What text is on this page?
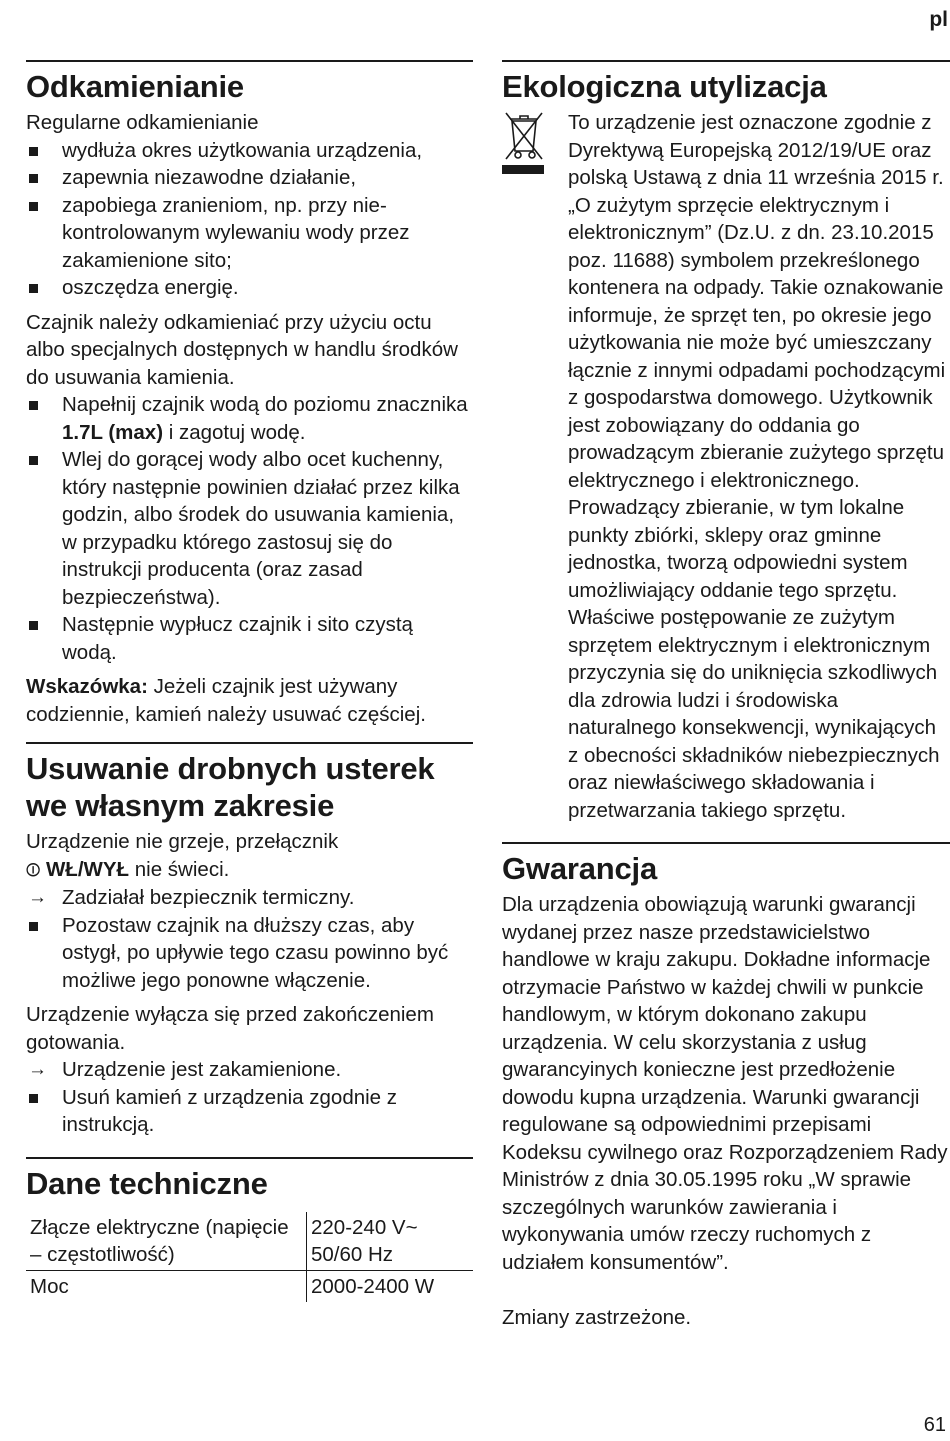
pl
Odkamienianie

Regularne odkamienianie

wydłuża okres użytkowania urządzenia,
zapewnia niezawodne działanie,
zapobiega zranieniom, np. przy nie-kontrolowanym wylewaniu wody przez zakamienione sito;
oszczędza energię.

Czajnik należy odkamieniać przy użyciu octu albo specjalnych dostępnych w handlu środków do usuwania kamienia.

Napełnij czajnik wodą do poziomu znacznika 1.7L (max) i zagotuj wodę.
Wlej do gorącej wody albo ocet kuchenny, który następnie powinien działać przez kilka godzin, albo środek do usuwania kamienia, w przypadku którego zastosuj się do instrukcji producenta (oraz zasad bezpieczeństwa).
Następnie wypłucz czajnik i sito czystą wodą.

Wskazówka: Jeżeli czajnik jest używany codziennie, kamień należy usuwać częściej.

Usuwanie drobnych usterek we własnym zakresie

Urządzenie nie grzeje, przełącznik
⏼ WŁ/WYŁ nie świeci.

→ Zadziałał bezpiecznik termiczny.
Pozostaw czajnik na dłuższy czas, aby ostygł, po upływie tego czasu powinno być możliwe jego ponowne włączenie.

Urządzenie wyłącza się przed zakończeniem gotowania.

→ Urządzenie jest zakamienione.
Usuń kamień z urządzenia zgodnie z instrukcją.
Dane techniczne
Złącze elektryczne (napięcie – częstotliwość)	220-240 V~ 50/60 Hz
Moc	2000-2400 W
Ekologiczna utylizacja

To urządzenie jest oznaczone zgodnie z Dyrektywą Europejską 2012/19/UE oraz polską Ustawą z dnia 11 września 2015 r. „O zużytym sprzęcie elektrycznym i elektronicznym” (Dz.U. z dn. 23.10.2015 poz. 11688) symbolem przekreślonego kontenera na odpady. Takie oznakowanie informuje, że sprzęt ten, po okresie jego użytkowania nie może być umieszczany łącznie z innymi odpadami pochodzącymi z gospodarstwa domowego. Użytkownik jest zobowiązany do oddania go prowadzącym zbieranie zużytego sprzętu elektrycznego i elektronicznego. Prowadzący zbieranie, w tym lokalne punkty zbiórki, sklepy oraz gminne jednostka, tworzą odpowiedni system umożliwiający oddanie tego sprzętu. Właściwe postępowanie ze zużytym sprzętem elektrycznym i elektronicznym przyczynia się do uniknięcia szkodliwych dla zdrowia ludzi i środowiska naturalnego konsekwencji, wynikających z obecności składników niebezpiecznych oraz niewłaściwego składowania i przetwarzania takiego sprzętu.

Gwarancja

Dla urządzenia obowiązują warunki gwarancji wydanej przez nasze przedstawicielstwo handlowe w kraju zakupu. Dokładne informacje otrzymacie Państwo w każdej chwili w punkcie handlowym, w którym dokonano zakupu urządzenia. W celu skorzystania z usług gwarancyinych konieczne jest przedłożenie dowodu kupna urządzenia. Warunki gwarancji regulowane są odpowiednimi przepisami Kodeksu cywilnego oraz Rozporządzeniem Rady Ministrów z dnia 30.05.1995 roku „W sprawie szczególnych warunków zawierania i wykonywania umów rzeczy ruchomych z udziałem konsumentów”.

Zmiany zastrzeżone.

61
